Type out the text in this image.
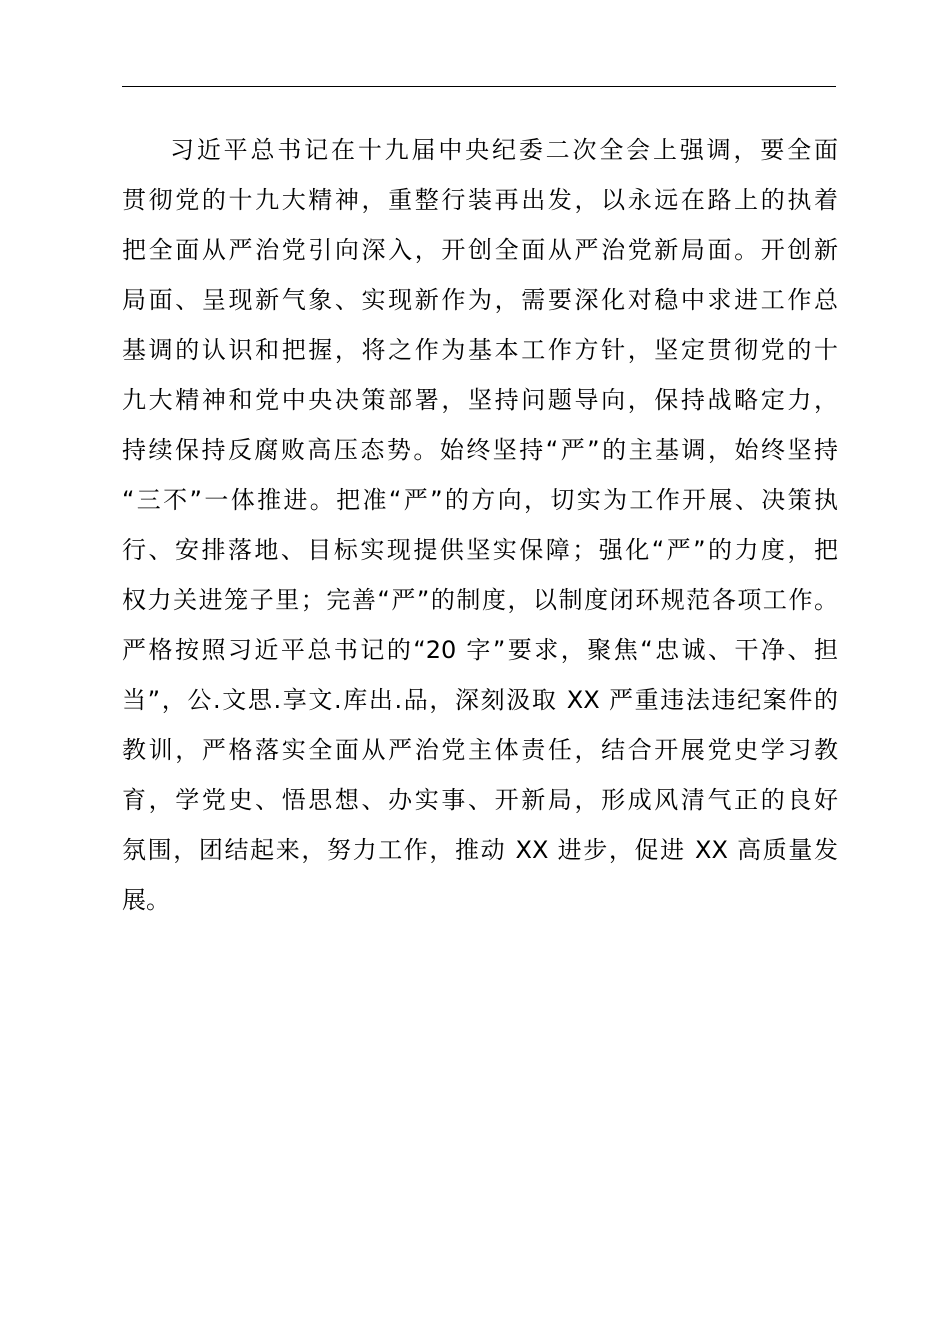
习近平总书记在十九届中央纪委二次全会上强调，要全面
贯彻党的十九大精神，重整行装再出发，以永远在路上的执着
把全面从严治党引向深入，开创全面从严治党新局面。开创新
局面、呈现新气象、实现新作为，需要深化对稳中求进工作总
基调的认识和把握，将之作为基本工作方针，坚定贯彻党的十
九大精神和党中央决策部署，坚持问题导向，保持战略定力，
持续保持反腐败高压态势。始终坚持“严”的主基调，始终坚持
“三不”一体推进。把准“严”的方向，切实为工作开展、决策执
行、安排落地、目标实现提供坚实保障；强化“严”的力度，把
权力关进笼子里；完善“严”的制度，以制度闭环规范各项工作。
严格按照习近平总书记的“20 字”要求，聚焦“忠诚、干净、担
当”，公.文思.享文.库出.品，深刻汲取 XX 严重违法违纪案件的
教训，严格落实全面从严治党主体责任，结合开展党史学习教
育，学党史、悟思想、办实事、开新局，形成风清气正的良好
氛围，团结起来，努力工作，推动 XX 进步，促进 XX 高质量发
展。
